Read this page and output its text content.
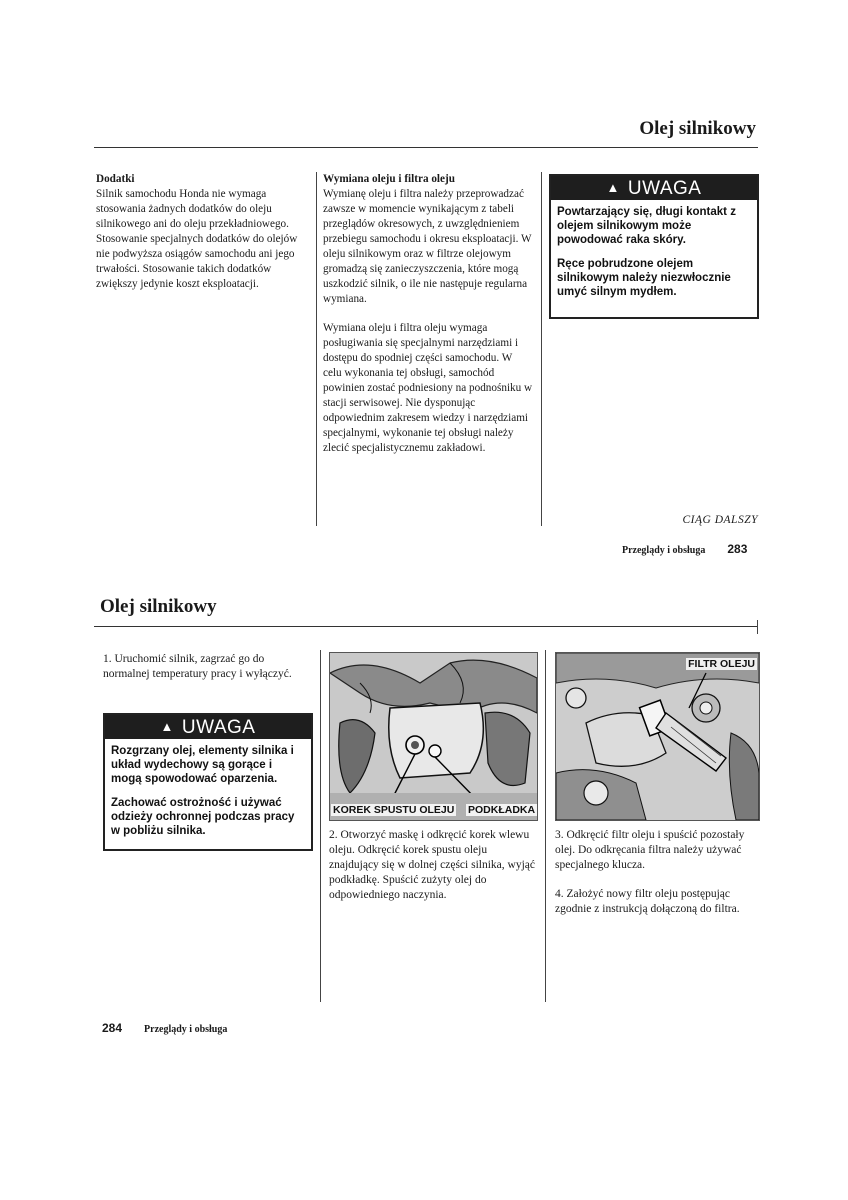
Olej silnikowy
Dodatki

Silnik samochodu Honda nie wymaga stosowania żadnych dodatków do oleju silnikowego ani do oleju przekładniowego. Stosowanie specjalnych dodatków do olejów nie podwyższa osiągów samochodu ani jego trwałości. Stosowanie takich dodatków zwiększy jedynie koszt eksploatacji.

Wymiana oleju i filtra oleju

Wymianę oleju i filtra należy przeprowadzać zawsze w momencie wynikającym z tabeli przeglądów okresowych, z uwzględnieniem przebiegu samochodu i okresu eksploatacji. W oleju silnikowym oraz w filtrze olejowym gromadzą się zanieczyszczenia, które mogą uszkodzić silnik, o ile nie następuje regularna wymiana.

Wymiana oleju i filtra oleju wymaga posługiwania się specjalnymi narzędziami i dostępu do spodniej części samochodu. W celu wykonania tej obsługi, samochód powinien zostać podniesiony na podnośniku w stacji serwisowej. Nie dysponując odpowiednim zakresem wiedzy i narzędziami specjalnymi, wykonanie tej obsługi należy zlecić specjalistycznemu zakładowi.

▲ UWAGA
Powtarzający się, długi kontakt z olejem silnikowym może powodować raka skóry.
Ręce pobrudzone olejem silnikowym należy niezwłocznie umyć silnym mydłem.
CIĄG DALSZY
Przeglądy i obsługa 283
Olej silnikowy
1. Uruchomić silnik, zagrzać go do normalnej temperatury pracy i wyłączyć.
▲ UWAGA
Rozgrzany olej, elementy silnika i układ wydechowy są gorące i mogą spowodować oparzenia.
Zachować ostrożność i używać odzieży ochronnej podczas pracy w pobliżu silnika.
KOREK SPUSTU OLEJU PODKŁADKA
FILTR OLEJU
2. Otworzyć maskę i odkręcić korek wlewu oleju. Odkręcić korek spustu oleju znajdujący się w dolnej części silnika, wyjąć podkładkę. Spuścić zużyty olej do odpowiedniego naczynia.
3. Odkręcić filtr oleju i spuścić pozostały olej. Do odkręcania filtra należy używać specjalnego klucza.
4. Założyć nowy filtr oleju postępując zgodnie z instrukcją dołączoną do filtra.
284 Przeglądy i obsługa
